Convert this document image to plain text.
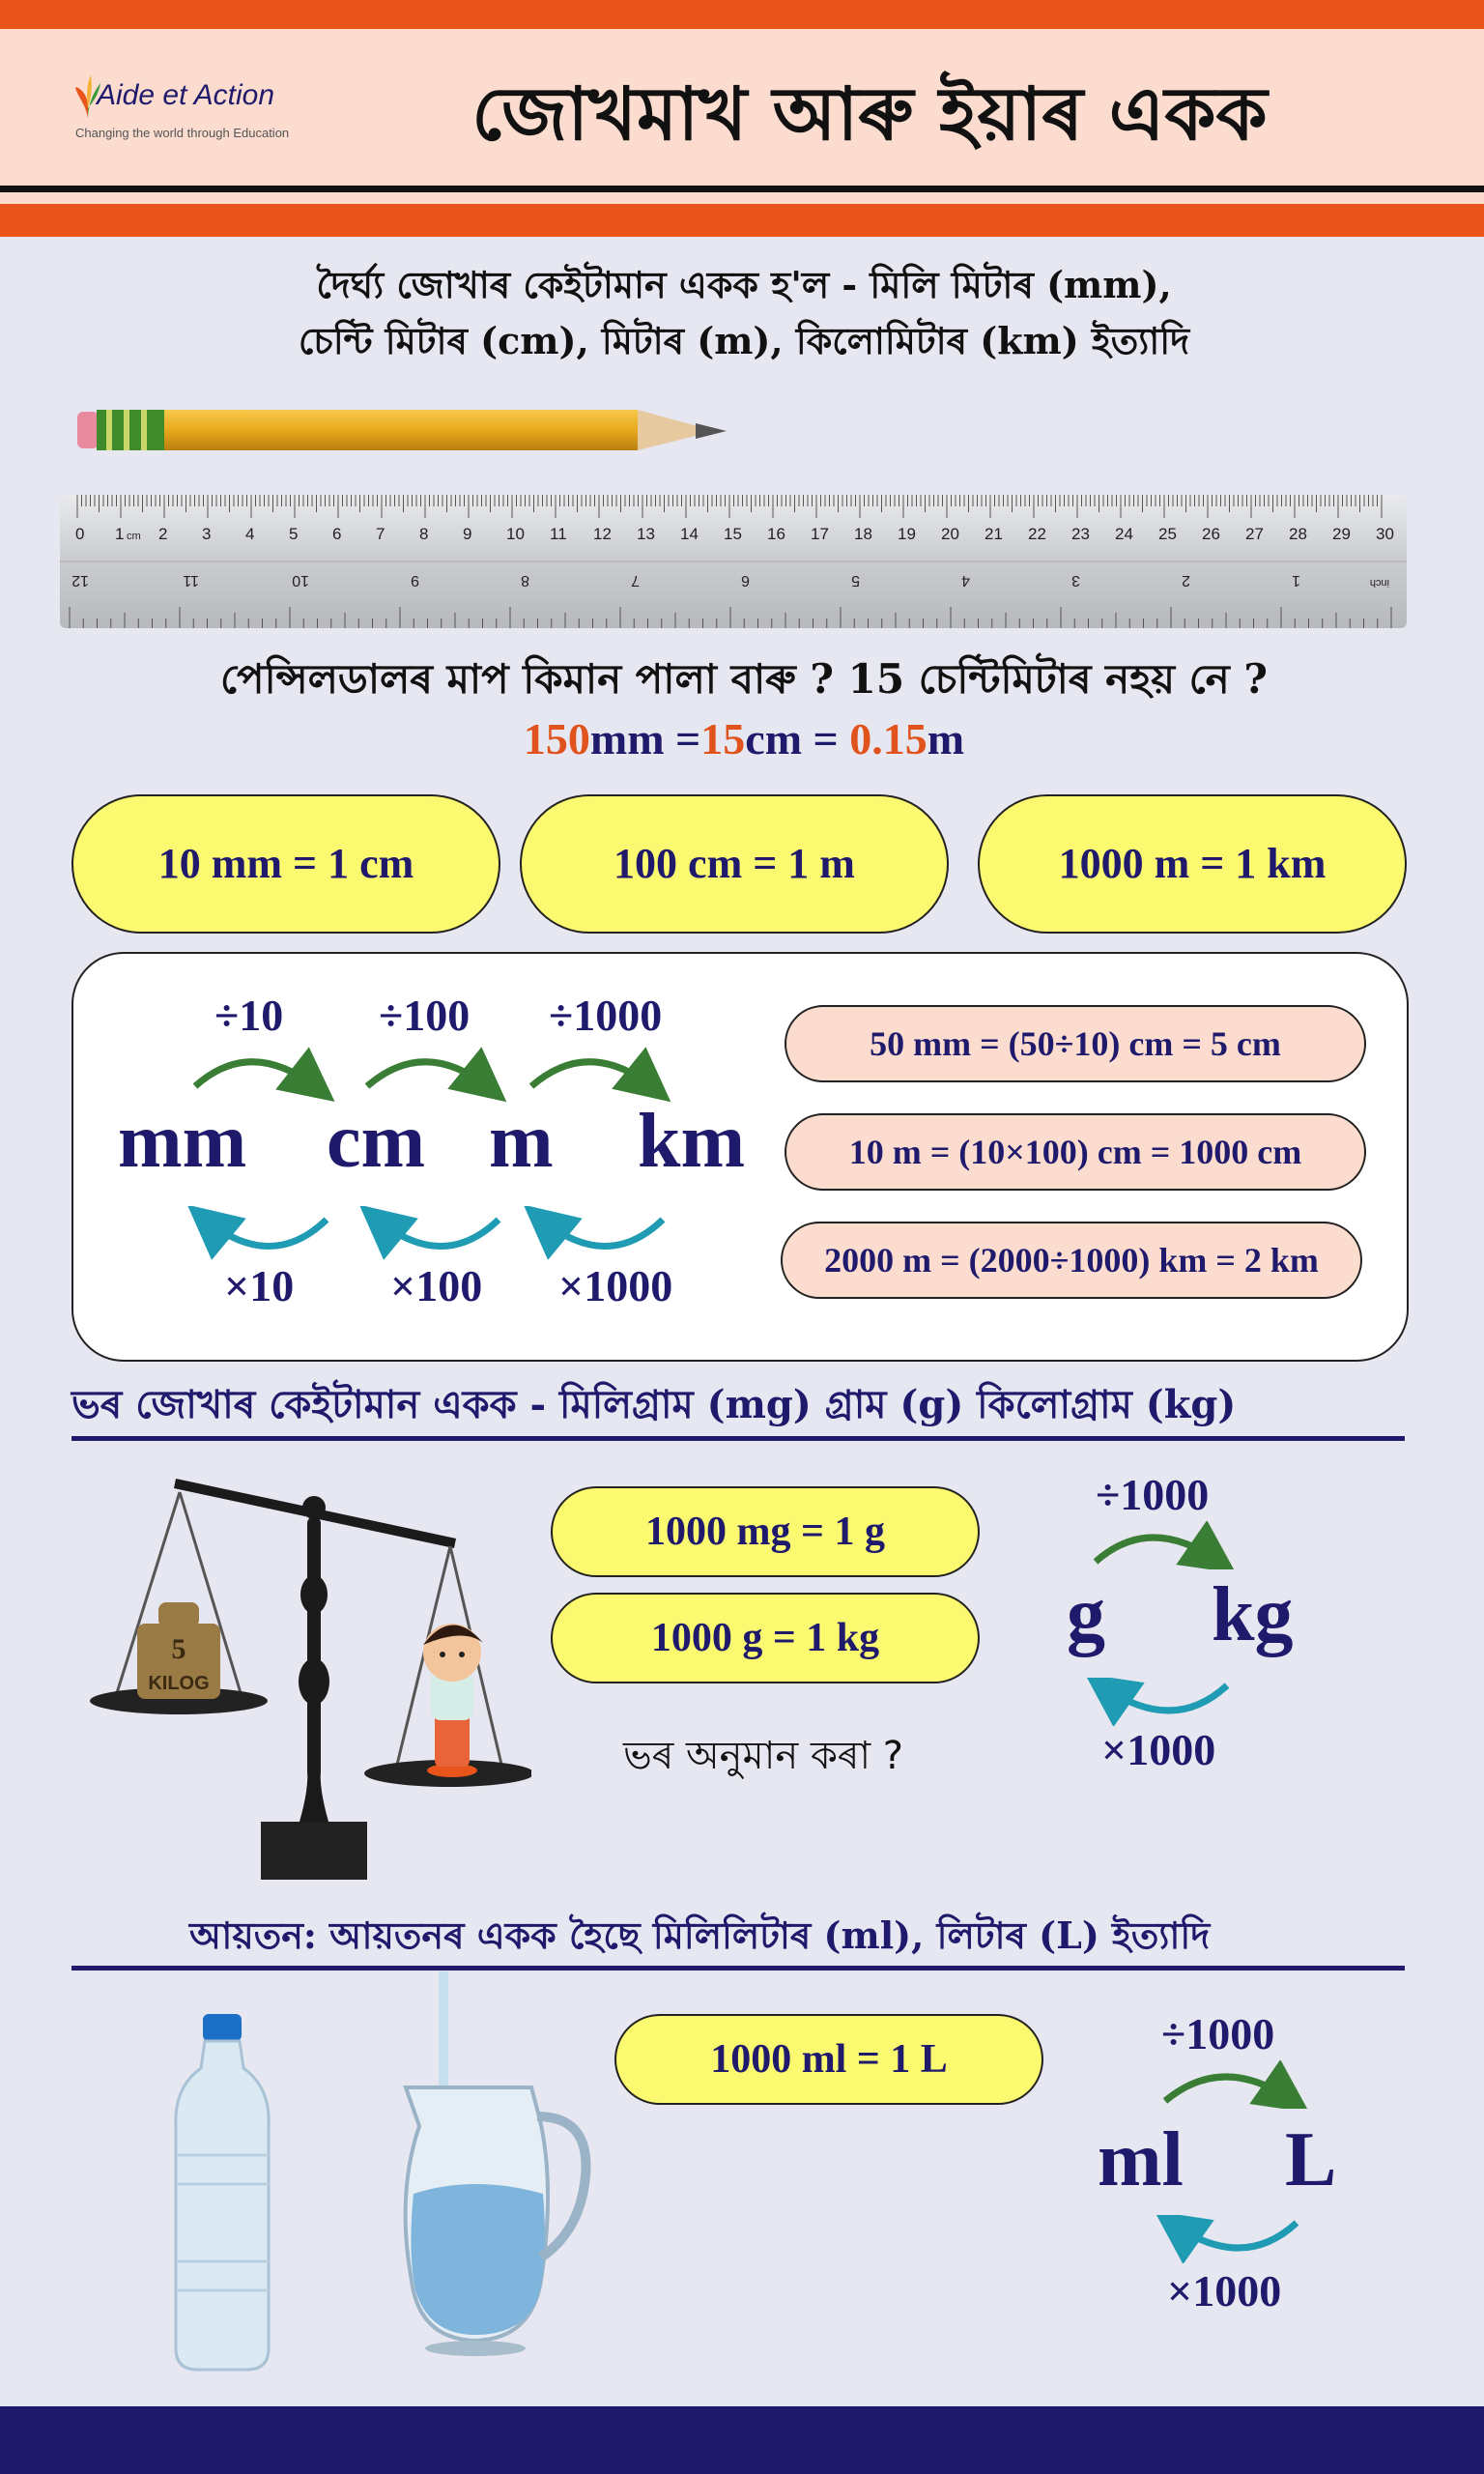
Aide et Action
Changing the world through Education	জোখমাখ আৰু ইয়াৰ একক
দৈৰ্ঘ্য জোখাৰ কেইটামান একক হ'ল - মিলি মিটাৰ (mm),
চেন্টি মিটাৰ (cm), মিটাৰ (m), কিলোমিটাৰ (km) ইত্যাদি
0 1 cm 2 3 4 5 6 7 8 9 10 11 12 13 14 15 16 17 18 19 20 21 22 23 24 25 26 27 28 29 30
12	11	10	9	8	7	6	5	4	3	2	1	inch
পেন্সিলডালৰ মাপ কিমান পালা বাৰু ? 15 চেন্টিমিটাৰ নহয় নে ?
150mm =15cm = 0.15m
10 mm = 1 cm	100 cm = 1 m	1000 m = 1 km
÷10 ÷100 ÷1000
mm cm m km
×10 ×100 ×1000
50 mm = (50÷10) cm = 5 cm
10 m = (10×100) cm = 1000 cm
2000 m = (2000÷1000) km = 2 km
ভৰ জোখাৰ কেইটামান একক - মিলিগ্ৰাম (mg) গ্ৰাম (g) কিলোগ্ৰাম (kg)
5
KILOG
1000 mg = 1 g
1000 g = 1 kg
ভৰ অনুমান কৰা ?
÷1000
g kg
×1000
আয়তন: আয়তনৰ একক হৈছে মিলিলিটাৰ (ml), লিটাৰ (L) ইত্যাদি
1000 ml = 1 L
÷1000
ml L
×1000
